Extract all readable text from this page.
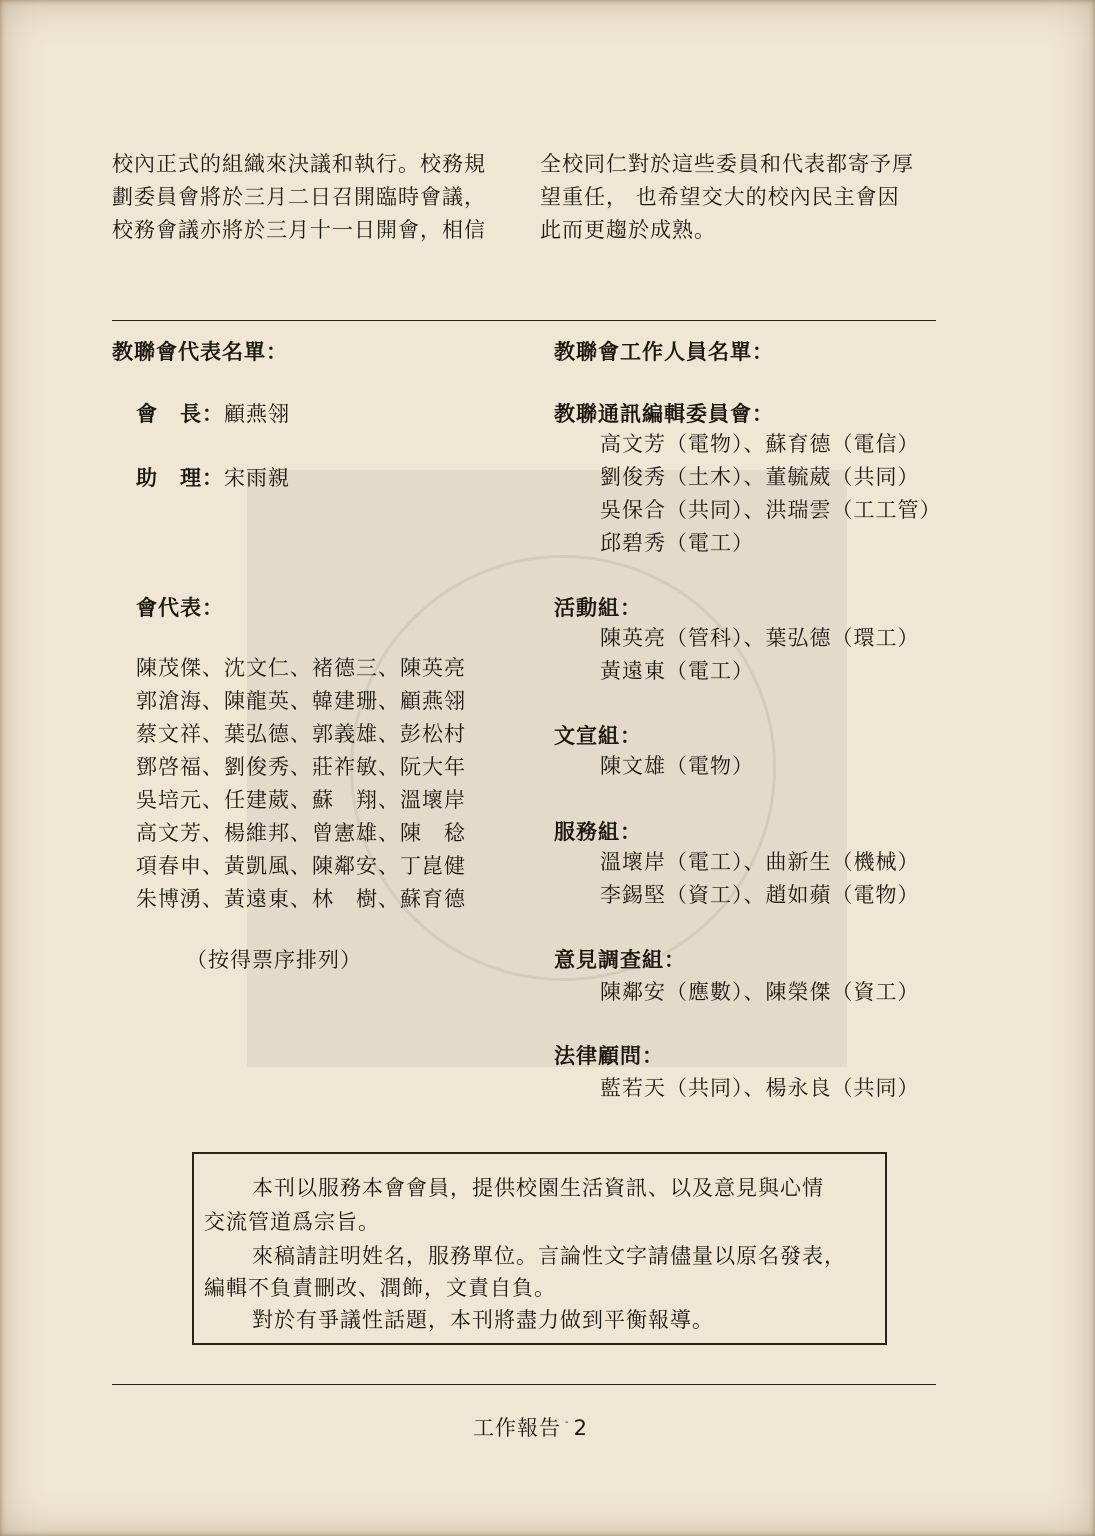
校內正式的組織來決議和執行。校務規
劃委員會將於三月二日召開臨時會議，
校務會議亦將於三月十一日開會，相信
全校同仁對於這些委員和代表都寄予厚
望重任， 也希望交大的校內民主會因
此而更趨於成熟。
教聯會代表名單：
會　長：顧燕翎
助　理：宋雨親
會代表：
陳茂傑、沈文仁、褚德三、陳英亮
郭滄海、陳龍英、韓建珊、顧燕翎
蔡文祥、葉弘德、郭義雄、彭松村
鄧啓福、劉俊秀、莊祚敏、阮大年
吳培元、任建葳、蘇　翔、溫壞岸
高文芳、楊維邦、曾憲雄、陳　稔
項春申、黃凱風、陳鄰安、丁崑健
朱博湧、黃遠東、林　樹、蘇育德
（按得票序排列）
教聯會工作人員名單：
教聯通訊編輯委員會：
高文芳（電物）、蘇育德（電信）
劉俊秀（土木）、董毓葳（共同）
吳保合（共同）、洪瑞雲（工工管）
邱碧秀（電工）
活動組：
陳英亮（管科）、葉弘德（環工）
黃遠東（電工）
文宣組：
陳文雄（電物）
服務組：
溫壞岸（電工）、曲新生（機械）
李錫堅（資工）、趙如蘋（電物）
意見調查組：
陳鄰安（應數）、陳榮傑（資工）
法律顧問：
藍若天（共同）、楊永良（共同）

本刊以服務本會會員，提供校園生活資訊、以及意見與心情

交流管道爲宗旨。

來稿請註明姓名，服務單位。言論性文字請儘量以原名發表，

編輯不負責刪改、潤飾，文責自負。

對於有爭議性話題，本刊將盡力做到平衡報導。

工作報告 - 2
